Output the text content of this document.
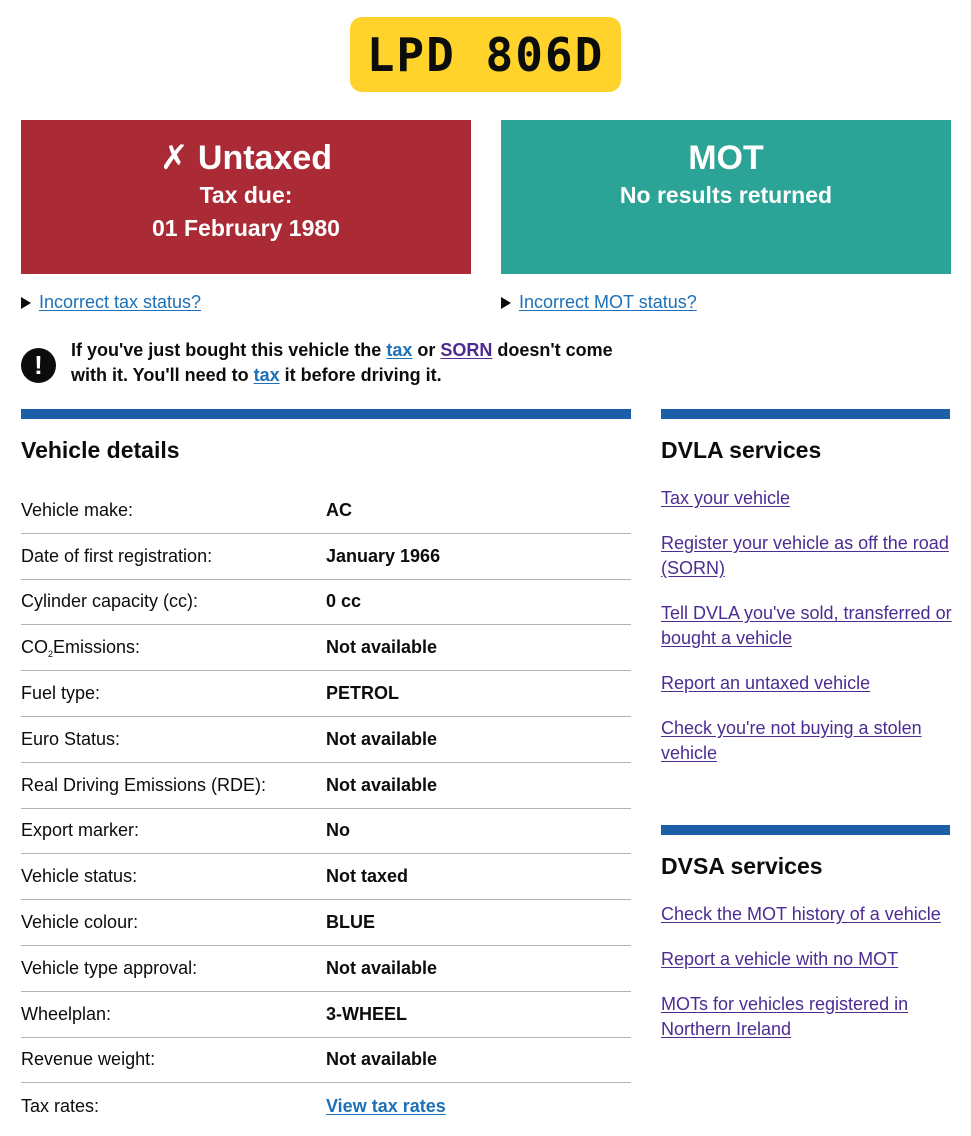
LPD 806D
✗ Untaxed
Tax due:
01 February 1980
MOT
No results returned
Incorrect tax status?	Incorrect MOT status?
!	If you've just bought this vehicle the tax or SORN doesn't come with it. You'll need to tax it before driving it.

Vehicle details	DVLA services
DVSA services
Vehicle make:	AC
Date of first registration:	January 1966
Cylinder capacity (cc):	0 cc
$CO_2Emissions$:	Not available
Fuel type:	PETROL
Euro Status:	Not available
Real Driving Emissions (RDE):	Not available
Export marker:	No
Vehicle status:	Not taxed
Vehicle colour:	BLUE
Vehicle type approval:	Not available
Wheelplan:	3-WHEEL
Revenue weight:	Not available
Tax rates:	View tax rates
Tax your vehicle
Register your vehicle as off the road (SORN)
Tell DVLA you've sold, transferred or bought a vehicle
Report an untaxed vehicle
Check you're not buying a stolen vehicle
Check the MOT history of a vehicle
Report a vehicle with no MOT
MOTs for vehicles registered in Northern Ireland
